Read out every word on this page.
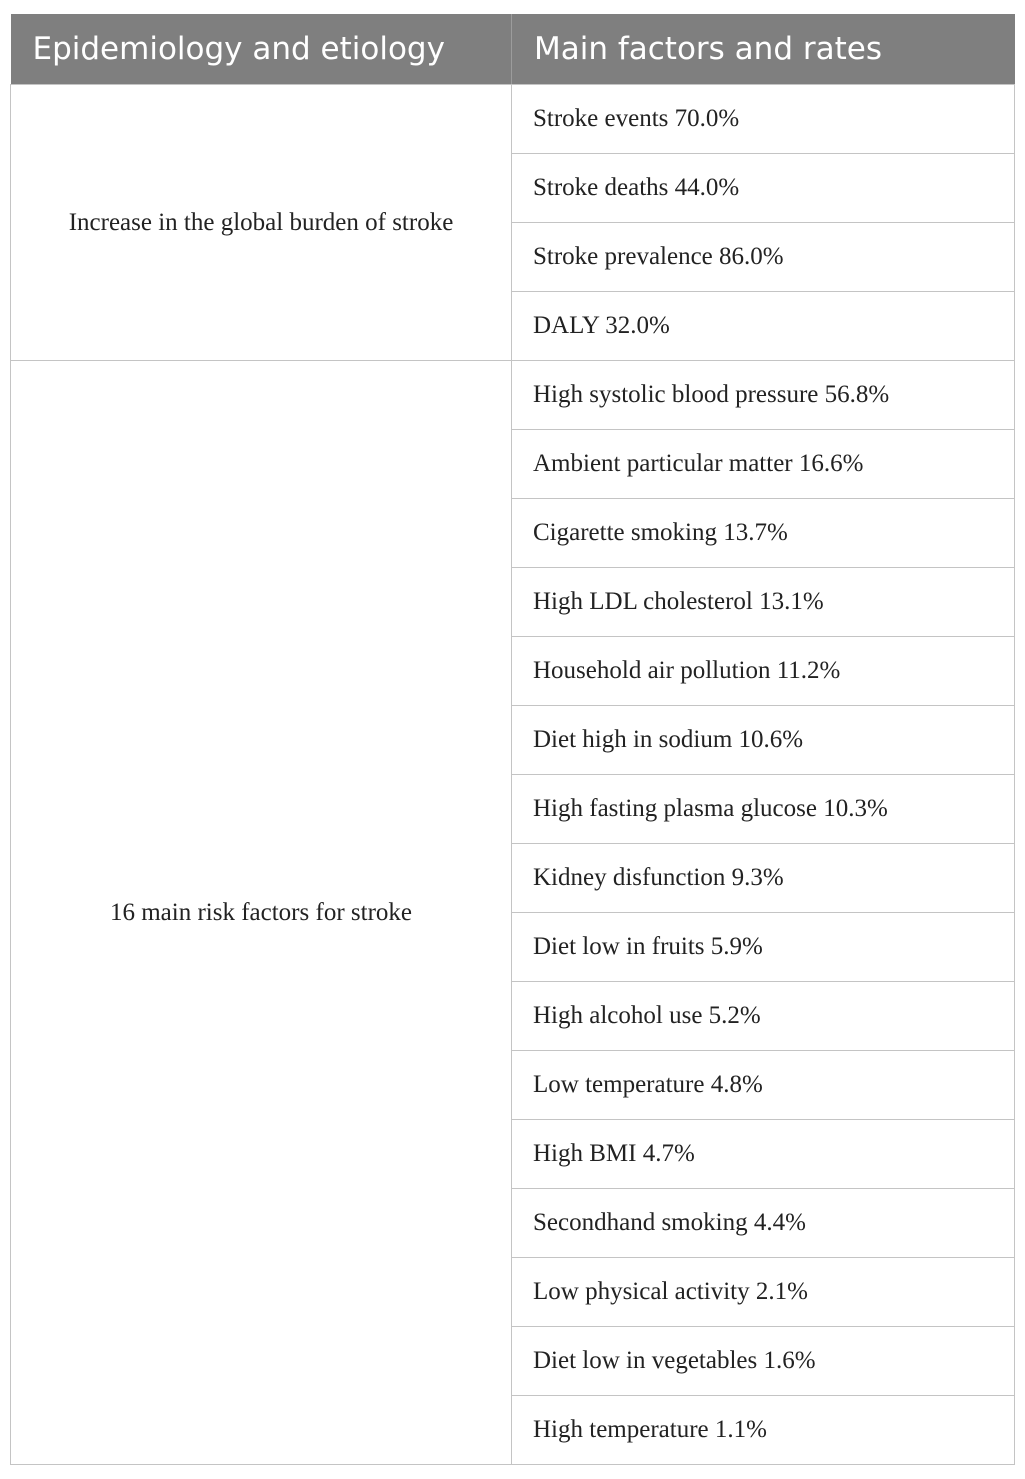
Epidemiology and etiology	Main factors and rates
Increase in the global burden of stroke	Stroke events 70.0%
	Stroke deaths 44.0%
	Stroke prevalence 86.0%
	DALY 32.0%
16 main risk factors for stroke	High systolic blood pressure 56.8%
	Ambient particular matter 16.6%
	Cigarette smoking 13.7%
	High LDL cholesterol 13.1%
	Household air pollution 11.2%
	Diet high in sodium 10.6%
	High fasting plasma glucose 10.3%
	Kidney disfunction 9.3%
	Diet low in fruits 5.9%
	High alcohol use 5.2%
	Low temperature 4.8%
	High BMI 4.7%
	Secondhand smoking 4.4%
	Low physical activity 2.1%
	Diet low in vegetables 1.6%
	High temperature 1.1%
